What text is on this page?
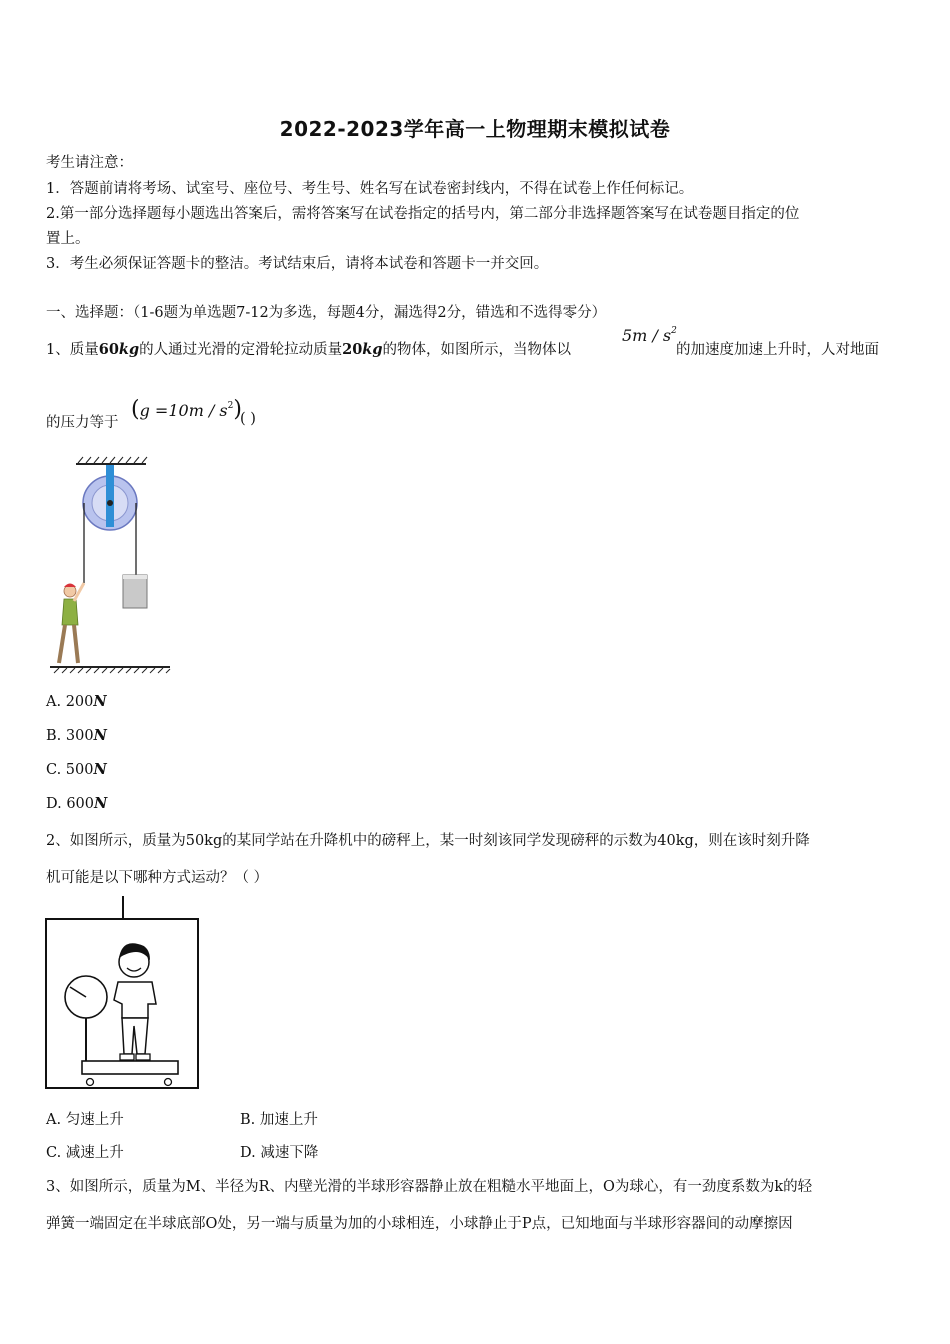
2022-2023学年高一上物理期末模拟试卷
考生请注意：
1．答题前请将考场、试室号、座位号、考生号、姓名写在试卷密封线内，不得在试卷上作任何标记。
2.第一部分选择题每小题选出答案后，需将答案写在试卷指定的括号内，第二部分非选择题答案写在试卷题目指定的位
置上。
3．考生必须保证答题卡的整洁。考试结束后，请将本试卷和答题卡一并交回。
一、选择题：（1-6题为单选题7-12为多选，每题4分，漏选得2分，错选和不选得零分）
1、质量60kg的人通过光滑的定滑轮拉动质量20kg的物体，如图所示，当物体以
$5m / s^2$
的加速度加速上升时，人对地面
的压力等于
$(g =10m / s^2)$
( )
A. 200N
B. 300N
C. 500N
D. 600N
2、如图所示，质量为50kg的某同学站在升降机中的磅秤上，某一时刻该同学发现磅秤的示数为40kg，则在该时刻升降
机可能是以下哪种方式运动？（ ）
A. 匀速上升	B. 加速上升
C. 减速上升	D. 减速下降
3、如图所示，质量为M、半径为R、内壁光滑的半球形容器静止放在粗糙水平地面上，O为球心，有一劲度系数为k的轻
弹簧一端固定在半球底部O处，另一端与质量为加的小球相连，小球静止于P点，已知地面与半球形容器间的动摩擦因
